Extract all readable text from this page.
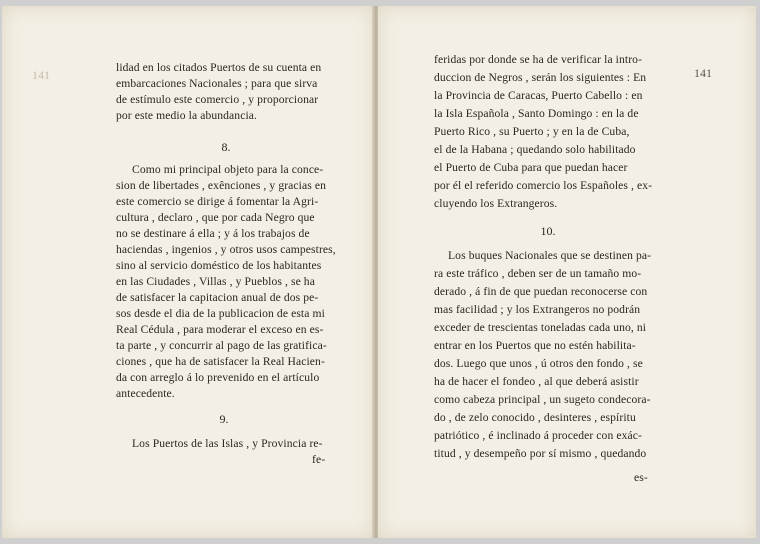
141
lidad en los citados Puertos de su cuenta en
embarcaciones Nacionales ; para que sirva
de estímulo este comercio , y proporcionar
por este medio la abundancia.
Como mi principal objeto para la conce-
sion de libertades , exênciones , y gracias en
este comercio se dirige á fomentar la Agri-
cultura , declaro , que por cada Negro que
no se destinare á ella ; y á los trabajos de
haciendas , ingenios , y otros usos campestres,
sino al servicio doméstico de los habitantes
en las Ciudades , Villas , y Pueblos , se ha
de satisfacer la capitacion anual de dos pe-
sos desde el dia de la publicacion de esta mi
Real Cédula , para moderar el exceso en es-
ta parte , y concurrir al pago de las gratifica-
ciones , que ha de satisfacer la Real Hacien-
da con arreglo á lo prevenido en el artículo
antecedente.
Los Puertos de las Islas , y Provincia re-
fe-
8.
9.
141
feridas por donde se ha de verificar la intro-
duccion de Negros , serán los siguientes : En
la Provincia de Caracas, Puerto Cabello : en
la Isla Española , Santo Domingo : en la de
Puerto Rico , su Puerto ; y en la de Cuba,
el de la Habana ; quedando solo habilitado
el Puerto de Cuba para que puedan hacer
por él el referido comercio los Españoles , ex-
cluyendo los Extrangeros.
Los buques Nacionales que se destinen pa-
ra este tráfico , deben ser de un tamaño mo-
derado , á fin de que puedan reconocerse con
mas facilidad ; y los Extrangeros no podrán
exceder de trescientas toneladas cada uno, ni
entrar en los Puertos que no estén habilita-
dos. Luego que unos , ú otros den fondo , se
ha de hacer el fondeo , al que deberá asistir
como cabeza principal , un sugeto condecora-
do , de zelo conocido , desinteres , espíritu
patriótico , é inclinado á proceder con exác-
titud , y desempeño por sí mismo , quedando
es-
10.
